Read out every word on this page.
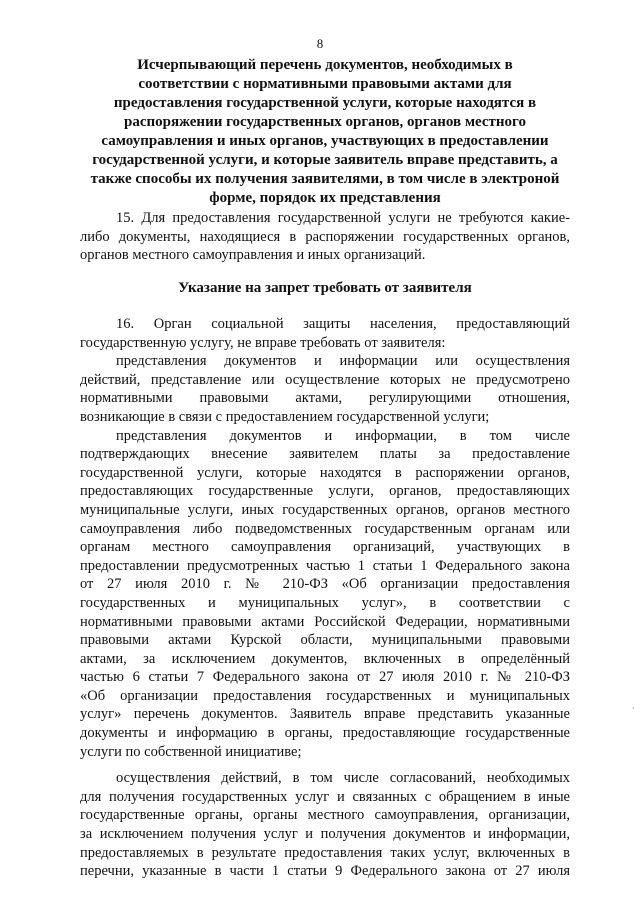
8
Исчерпывающий перечень документов, необходимых в
соответствии с нормативными правовыми актами для
предоставления государственной услуги, которые находятся в
распоряжении государственных органов, органов местного
самоуправления и иных органов, участвующих в предоставлении
государственной услуги, и которые заявитель вправе представить, а
также способы их получения заявителями, в том числе в электроной
форме, порядок их представления
15. Для предоставления государственной услуги не требуются какие-
либо документы, находящиеся в распоряжении государственных органов,
органов местного самоуправления и иных организаций.
Указание на запрет требовать от заявителя
16. Орган социальной защиты населения, предоставляющий
государственную услугу, не вправе требовать от заявителя:
представления документов и информации или осуществления
действий, представление или осуществление которых не предусмотрено
нормативными правовыми актами, регулирующими отношения,
возникающие в связи с предоставлением государственной услуги;
представления документов и информации, в том числе
подтверждающих внесение заявителем платы за предоставление
государственной услуги, которые находятся в распоряжении органов,
предоставляющих государственные услуги, органов, предоставляющих
муниципальные услуги, иных государственных органов, органов местного
самоуправления либо подведомственных государственным органам или
органам местного самоуправления организаций, участвующих в
предоставлении предусмотренных частью 1 статьи 1 Федерального закона
от 27 июля 2010 г. № 210-ФЗ «Об организации предоставления
государственных и муниципальных услуг», в соответствии с
нормативными правовыми актами Российской Федерации, нормативными
правовыми актами Курской области, муниципальными правовыми
актами, за исключением документов, включенных в определённый
частью 6 статьи 7 Федерального закона от 27 июля 2010 г. № 210-ФЗ
«Об организации предоставления государственных и муниципальных
услуг» перечень документов. Заявитель вправе представить указанные
документы и информацию в органы, предоставляющие государственные
услуги по собственной инициативе;

осуществления действий, в том числе согласований, необходимых
для получения государственных услуг и связанных с обращением в иные
государственные органы, органы местного самоуправления, организации,
за исключением получения услуг и получения документов и информации,
предоставляемых в результате предоставления таких услуг, включенных в
перечни, указанные в части 1 статьи 9 Федерального закона от 27 июля

,
